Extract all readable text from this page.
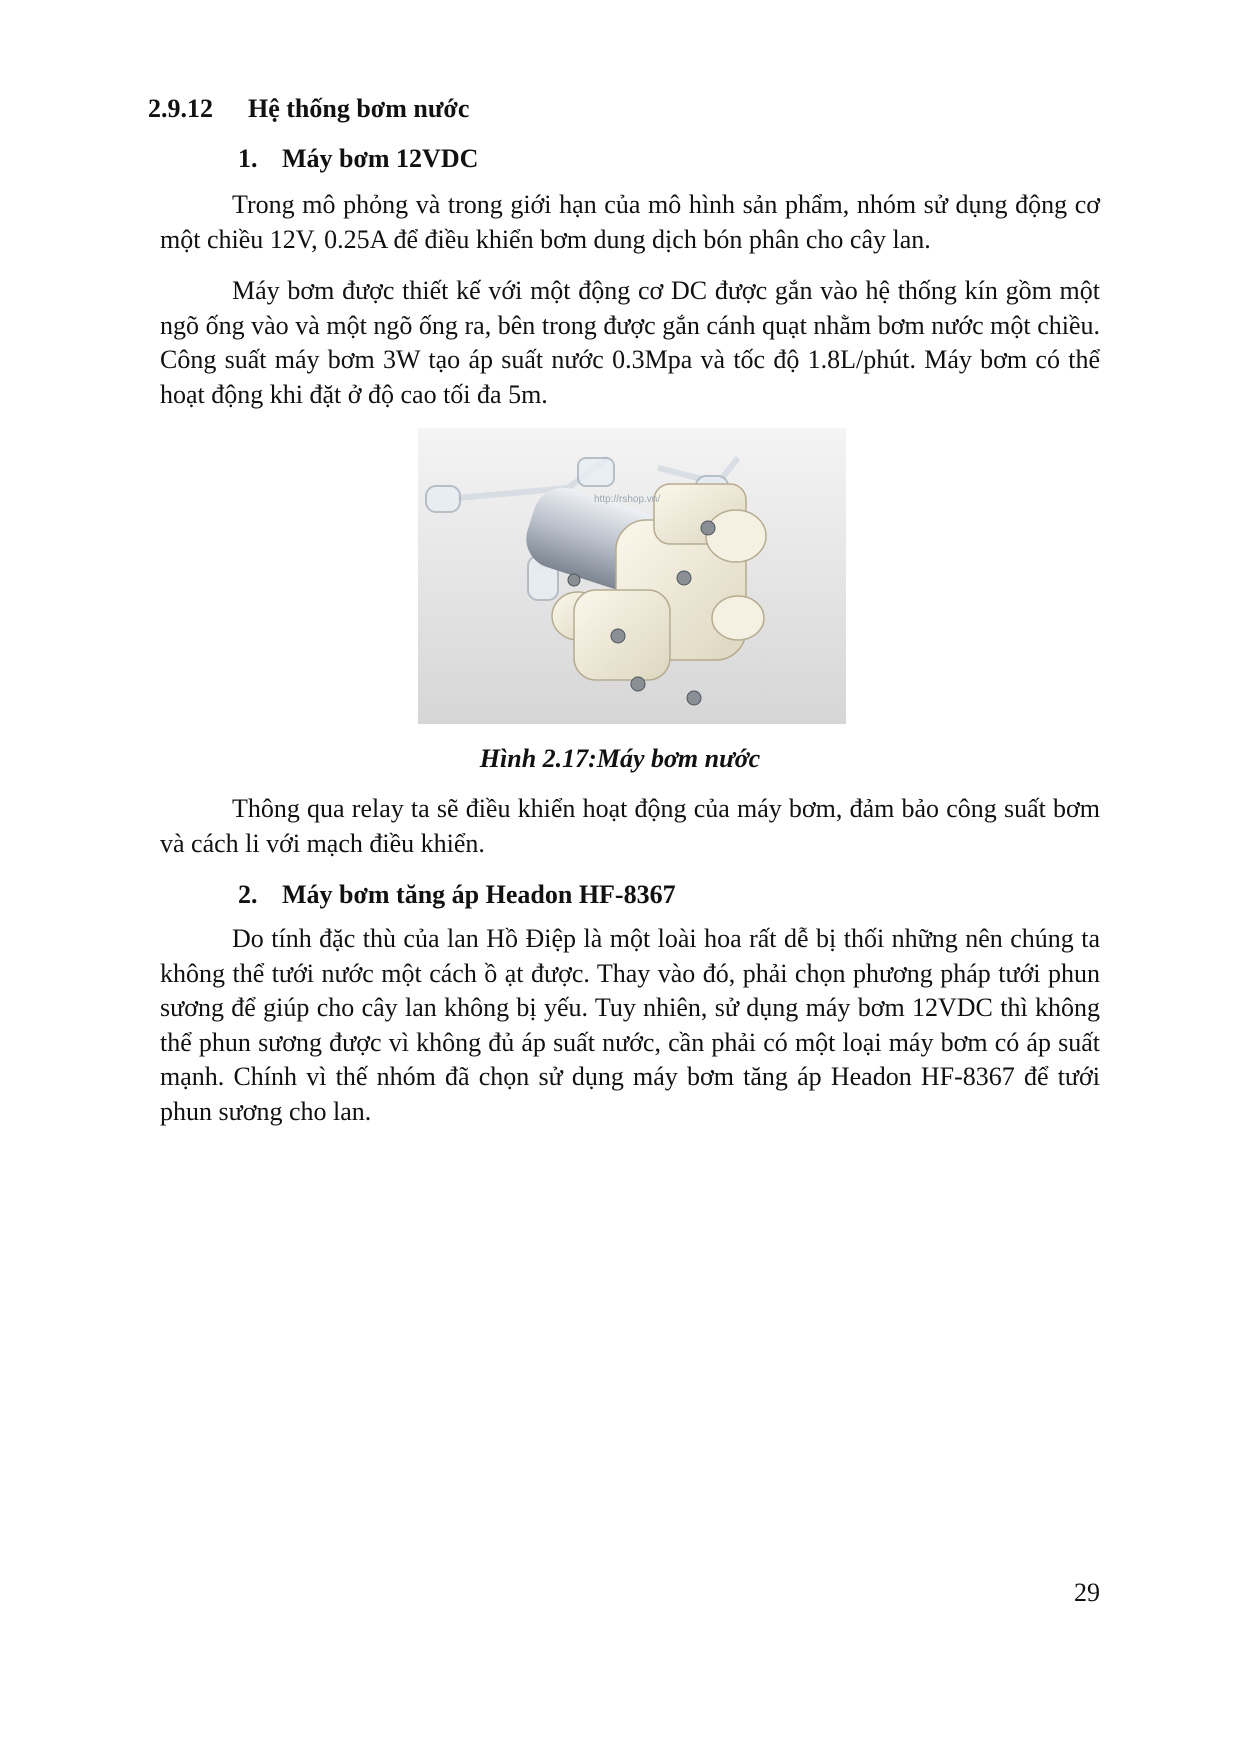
2.9.12 Hệ thống bơm nước
1. Máy bơm 12VDC

Trong mô phỏng và trong giới hạn của mô hình sản phẩm, nhóm sử dụng động cơ một chiều 12V, 0.25A để điều khiển bơm dung dịch bón phân cho cây lan.

Máy bơm được thiết kế với một động cơ DC được gắn vào hệ thống kín gồm một ngõ ống vào và một ngõ ống ra, bên trong được gắn cánh quạt nhằm bơm nước một chiều. Công suất máy bơm 3W tạo áp suất nước 0.3Mpa và tốc độ 1.8L/phút. Máy bơm có thể hoạt động khi đặt ở độ cao tối đa 5m.

http://rshop.vn/
Hình 2.17:Máy bơm nước

Thông qua relay ta sẽ điều khiển hoạt động của máy bơm, đảm bảo công suất bơm và cách li với mạch điều khiển.

2. Máy bơm tăng áp Headon HF-8367

Do tính đặc thù của lan Hồ Điệp là một loài hoa rất dễ bị thối những nên chúng ta không thể tưới nước một cách ồ ạt được. Thay vào đó, phải chọn phương pháp tưới phun sương để giúp cho cây lan không bị yếu. Tuy nhiên, sử dụng máy bơm 12VDC thì không thể phun sương được vì không đủ áp suất nước, cần phải có một loại máy bơm có áp suất mạnh. Chính vì thế nhóm đã chọn sử dụng máy bơm tăng áp Headon HF-8367 để tưới phun sương cho lan.

29
